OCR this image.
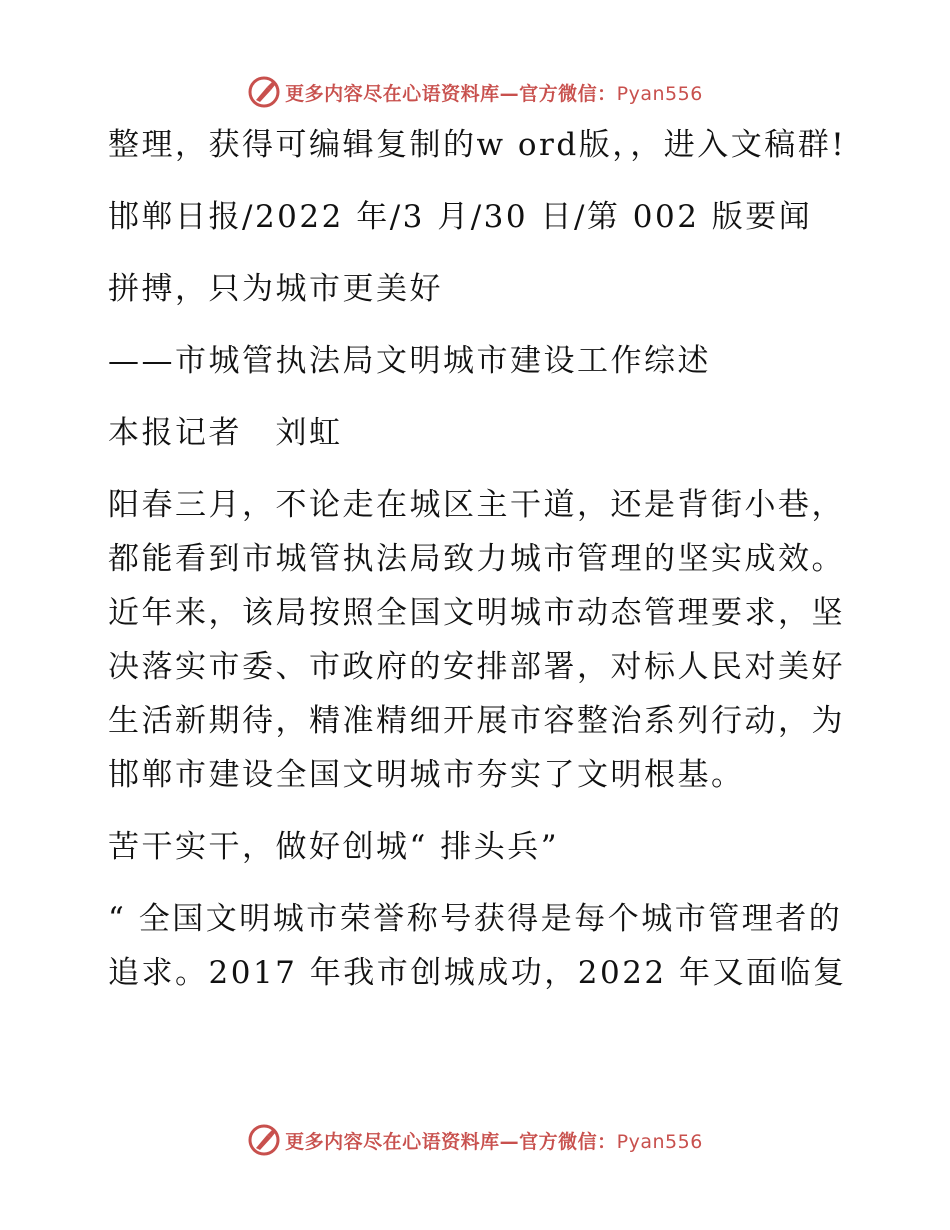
更多内容尽在心语资料库—官方微信：Pyan556

整理，获得可编辑复制的w ord版，，进入文稿群!

邯郸日报/2022 年/3 月/30 日/第 002 版要闻

拼搏，只为城市更美好

——市城管执法局文明城市建设工作综述

本报记者　刘虹

阳春三月，不论走在城区主干道，还是背街小巷，都能看到市城管执法局致力城市管理的坚实成效。近年来，该局按照全国文明城市动态管理要求，坚决落实市委、市政府的安排部署，对标人民对美好生活新期待，精准精细开展市容整治系列行动，为邯郸市建设全国文明城市夯实了文明根基。

苦干实干，做好创城“ 排头兵”

“ 全国文明城市荣誉称号获得是每个城市管理者的追求。2017 年我市创城成功，2022 年又面临复

更多内容尽在心语资料库—官方微信：Pyan556
